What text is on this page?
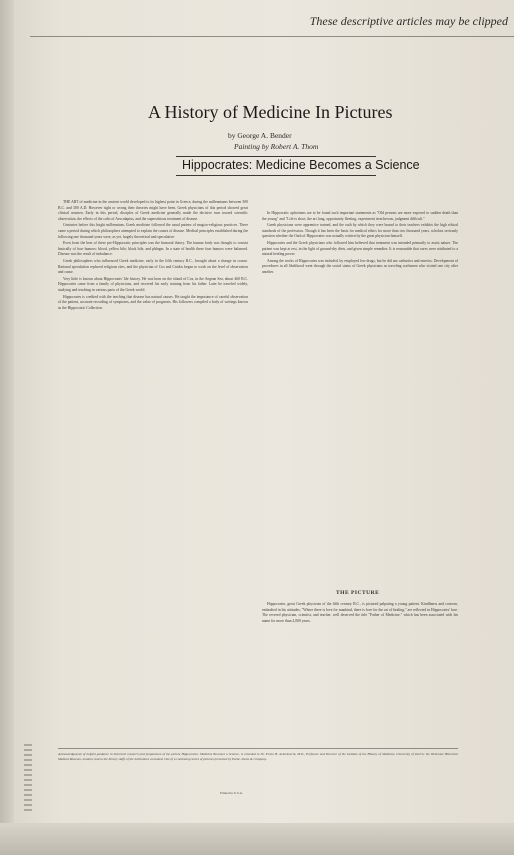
These descriptive articles may be clipped
A History of Medicine In Pictures
by George A. Bender
Painting by Robert A. Thom
Hippocrates: Medicine Becomes a Science

THE ART of medicine in the ancient world developed to its highest point in Greece, during the millenniums between 500 B.C. and 300 A.D. However right or wrong their theories might have been, Greek physicians of this period showed great clinical acumen. Early in this period, disciples of Greek medicine generally made the decisive turn toward scientific observation, the effects of the cults of Aesculapius, and the superstitious treatment of disease.

Centuries before this bright millennium, Greek medicine followed the usual pattern of magico-religious practices. There came a period during which philosophers attempted to explain the causes of disease. Medical principles established during the following one thousand years were, as yet, largely theoretical and speculative.

Even from the best of these pre-Hippocratic principles was the humoral theory. The human body was thought to consist basically of four humors: blood, yellow bile, black bile, and phlegm. In a state of health these four humors were balanced. Disease was the result of imbalance.

Greek philosophers who influenced Greek medicine, early in the fifth century B.C., brought about a change in course. Rational speculation replaced religious rites, and the physician of Cos and Cnidos began to work on the level of observation and cause.

Very little is known about Hippocrates' life history. He was born on the island of Cos, in the Aegean Sea, about 460 B.C. Hippocrates came from a family of physicians, and received his early training from his father. Later he traveled widely, studying and teaching in various parts of the Greek world.

Hippocrates is credited with the teaching that disease has natural causes. He taught the importance of careful observation of the patient, accurate recording of symptoms, and the value of prognosis. His followers compiled a body of writings known as the Hippocratic Collection.

In Hippocratic aphorisms are to be found such important statements as "Old persons are more exposed to sudden death than the young" and "Life is short, the art long, opportunity fleeting, experiment treacherous, judgment difficult."

Greek physicians were apprentice trained, and the oath by which they were bound to their teachers exhibits the high ethical standards of the profession. Though it has been the basis for medical ethics for more than two thousand years, scholars seriously question whether the Oath of Hippocrates was actually written by the great physician himself.

Hippocrates and the Greek physicians who followed him believed that treatment was intended primarily to assist nature. The patient was kept at rest, in the light of ground-dry diets, and given simple remedies. It is reasonable that cures were attributed to a natural healing power.

Among the works of Hippocrates was included, by employed few drugs, but he did use cathartics and emetics. Development of procedures in all likelihood went through the social status of Greek physicians as traveling craftsmen who visited one city after another.

THE PICTURE

Hippocrates, great Greek physician of the fifth century B.C., is pictured palpating a young patient. Kindliness and concern, embodied in his attitudes, "Where there is love for mankind, there is love for the art of healing," are reflected in Hippocrates' face. The revered physician, scientist, and teacher, well deserved the title "Father of Medicine," which has been associated with his name for more than 2,000 years.

Acknowledgments of helpful guidance in historical research and preparation of the picture Hippocrates: Medicine Becomes a Science, is extended to Dr. Erwin H. Ackerknecht, M.D., Professor and Director of the Institute of the History of Medicine, University of Zurich; the Wellcome Historical Medical Museum, London; and to the library staffs of the institutions consulted. One of a continuing series of pictures presented by Parke, Davis & Company.
Printed in U.S.A.
